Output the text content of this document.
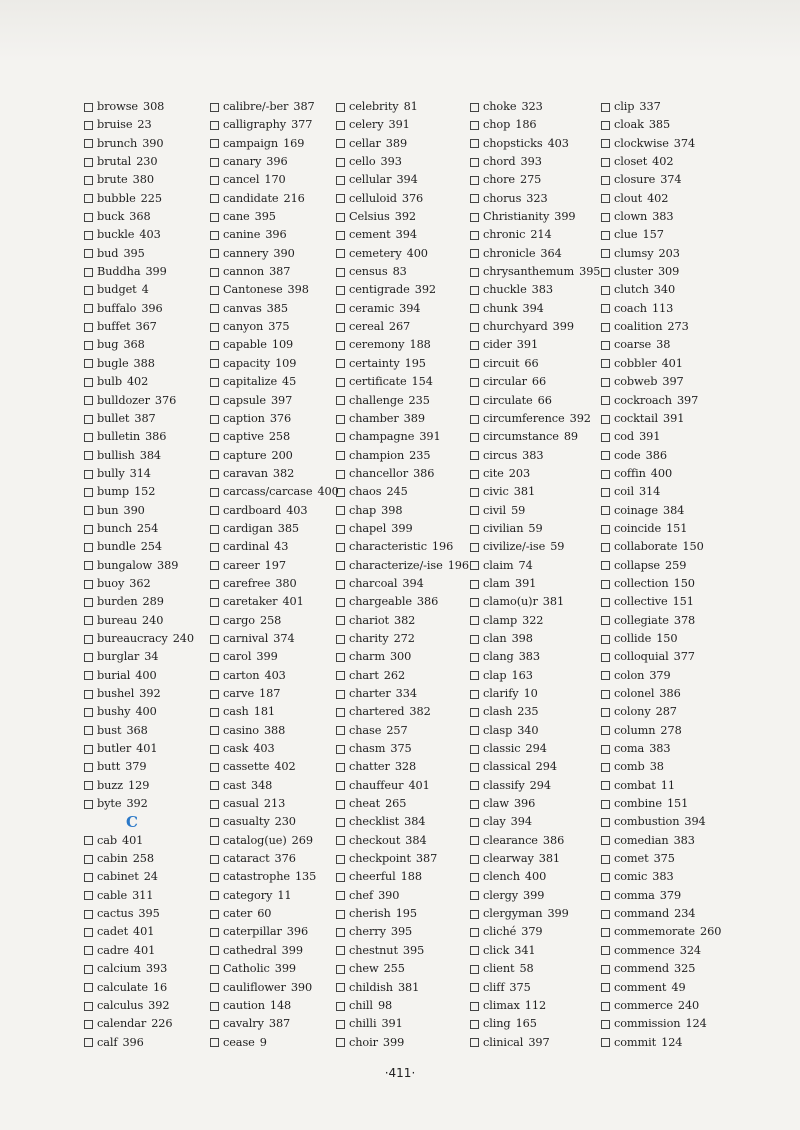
browse 308
bruise 23
brunch 390
brutal 230
brute 380
bubble 225
buck 368
buckle 403
bud 395
Buddha 399
budget 4
buffalo 396
buffet 367
bug 368
bugle 388
bulb 402
bulldozer 376
bullet 387
bulletin 386
bullish 384
bully 314
bump 152
bun 390
bunch 254
bundle 254
bungalow 389
buoy 362
burden 289
bureau 240
bureaucracy 240
burglar 34
burial 400
bushel 392
bushy 400
bust 368
butler 401
butt 379
buzz 129
byte 392
C
cab 401
cabin 258
cabinet 24
cable 311
cactus 395
cadet 401
cadre 401
calcium 393
calculate 16
calculus 392
calendar 226
calf 396
calibre/-ber 387
calligraphy 377
campaign 169
canary 396
cancel 170
candidate 216
cane 395
canine 396
cannery 390
cannon 387
Cantonese 398
canvas 385
canyon 375
capable 109
capacity 109
capitalize 45
capsule 397
caption 376
captive 258
capture 200
caravan 382
carcass/carcase 400
cardboard 403
cardigan 385
cardinal 43
career 197
carefree 380
caretaker 401
cargo 258
carnival 374
carol 399
carton 403
carve 187
cash 181
casino 388
cask 403
cassette 402
cast 348
casual 213
casualty 230
catalog(ue) 269
cataract 376
catastrophe 135
category 11
cater 60
caterpillar 396
cathedral 399
Catholic 399
cauliflower 390
caution 148
cavalry 387
cease 9
celebrity 81
celery 391
cellar 389
cello 393
cellular 394
celluloid 376
Celsius 392
cement 394
cemetery 400
census 83
centigrade 392
ceramic 394
cereal 267
ceremony 188
certainty 195
certificate 154
challenge 235
chamber 389
champagne 391
champion 235
chancellor 386
chaos 245
chap 398
chapel 399
characteristic 196
characterize/-ise 196
charcoal 394
chargeable 386
chariot 382
charity 272
charm 300
chart 262
charter 334
chartered 382
chase 257
chasm 375
chatter 328
chauffeur 401
cheat 265
checklist 384
checkout 384
checkpoint 387
cheerful 188
chef 390
cherish 195
cherry 395
chestnut 395
chew 255
childish 381
chill 98
chilli 391
choir 399
choke 323
chop 186
chopsticks 403
chord 393
chore 275
chorus 323
Christianity 399
chronic 214
chronicle 364
chrysanthemum 395
chuckle 383
chunk 394
churchyard 399
cider 391
circuit 66
circular 66
circulate 66
circumference 392
circumstance 89
circus 383
cite 203
civic 381
civil 59
civilian 59
civilize/-ise 59
claim 74
clam 391
clamo(u)r 381
clamp 322
clan 398
clang 383
clap 163
clarify 10
clash 235
clasp 340
classic 294
classical 294
classify 294
claw 396
clay 394
clearance 386
clearway 381
clench 400
clergy 399
clergyman 399
cliché 379
click 341
client 58
cliff 375
climax 112
cling 165
clinical 397
clip 337
cloak 385
clockwise 374
closet 402
closure 374
clout 402
clown 383
clue 157
clumsy 203
cluster 309
clutch 340
coach 113
coalition 273
coarse 38
cobbler 401
cobweb 397
cockroach 397
cocktail 391
cod 391
code 386
coffin 400
coil 314
coinage 384
coincide 151
collaborate 150
collapse 259
collection 150
collective 151
collegiate 378
collide 150
colloquial 377
colon 379
colonel 386
colony 287
column 278
coma 383
comb 38
combat 11
combine 151
combustion 394
comedian 383
comet 375
comic 383
comma 379
command 234
commemorate 260
commence 324
commend 325
comment 49
commerce 240
commission 124
commit 124
·411·
